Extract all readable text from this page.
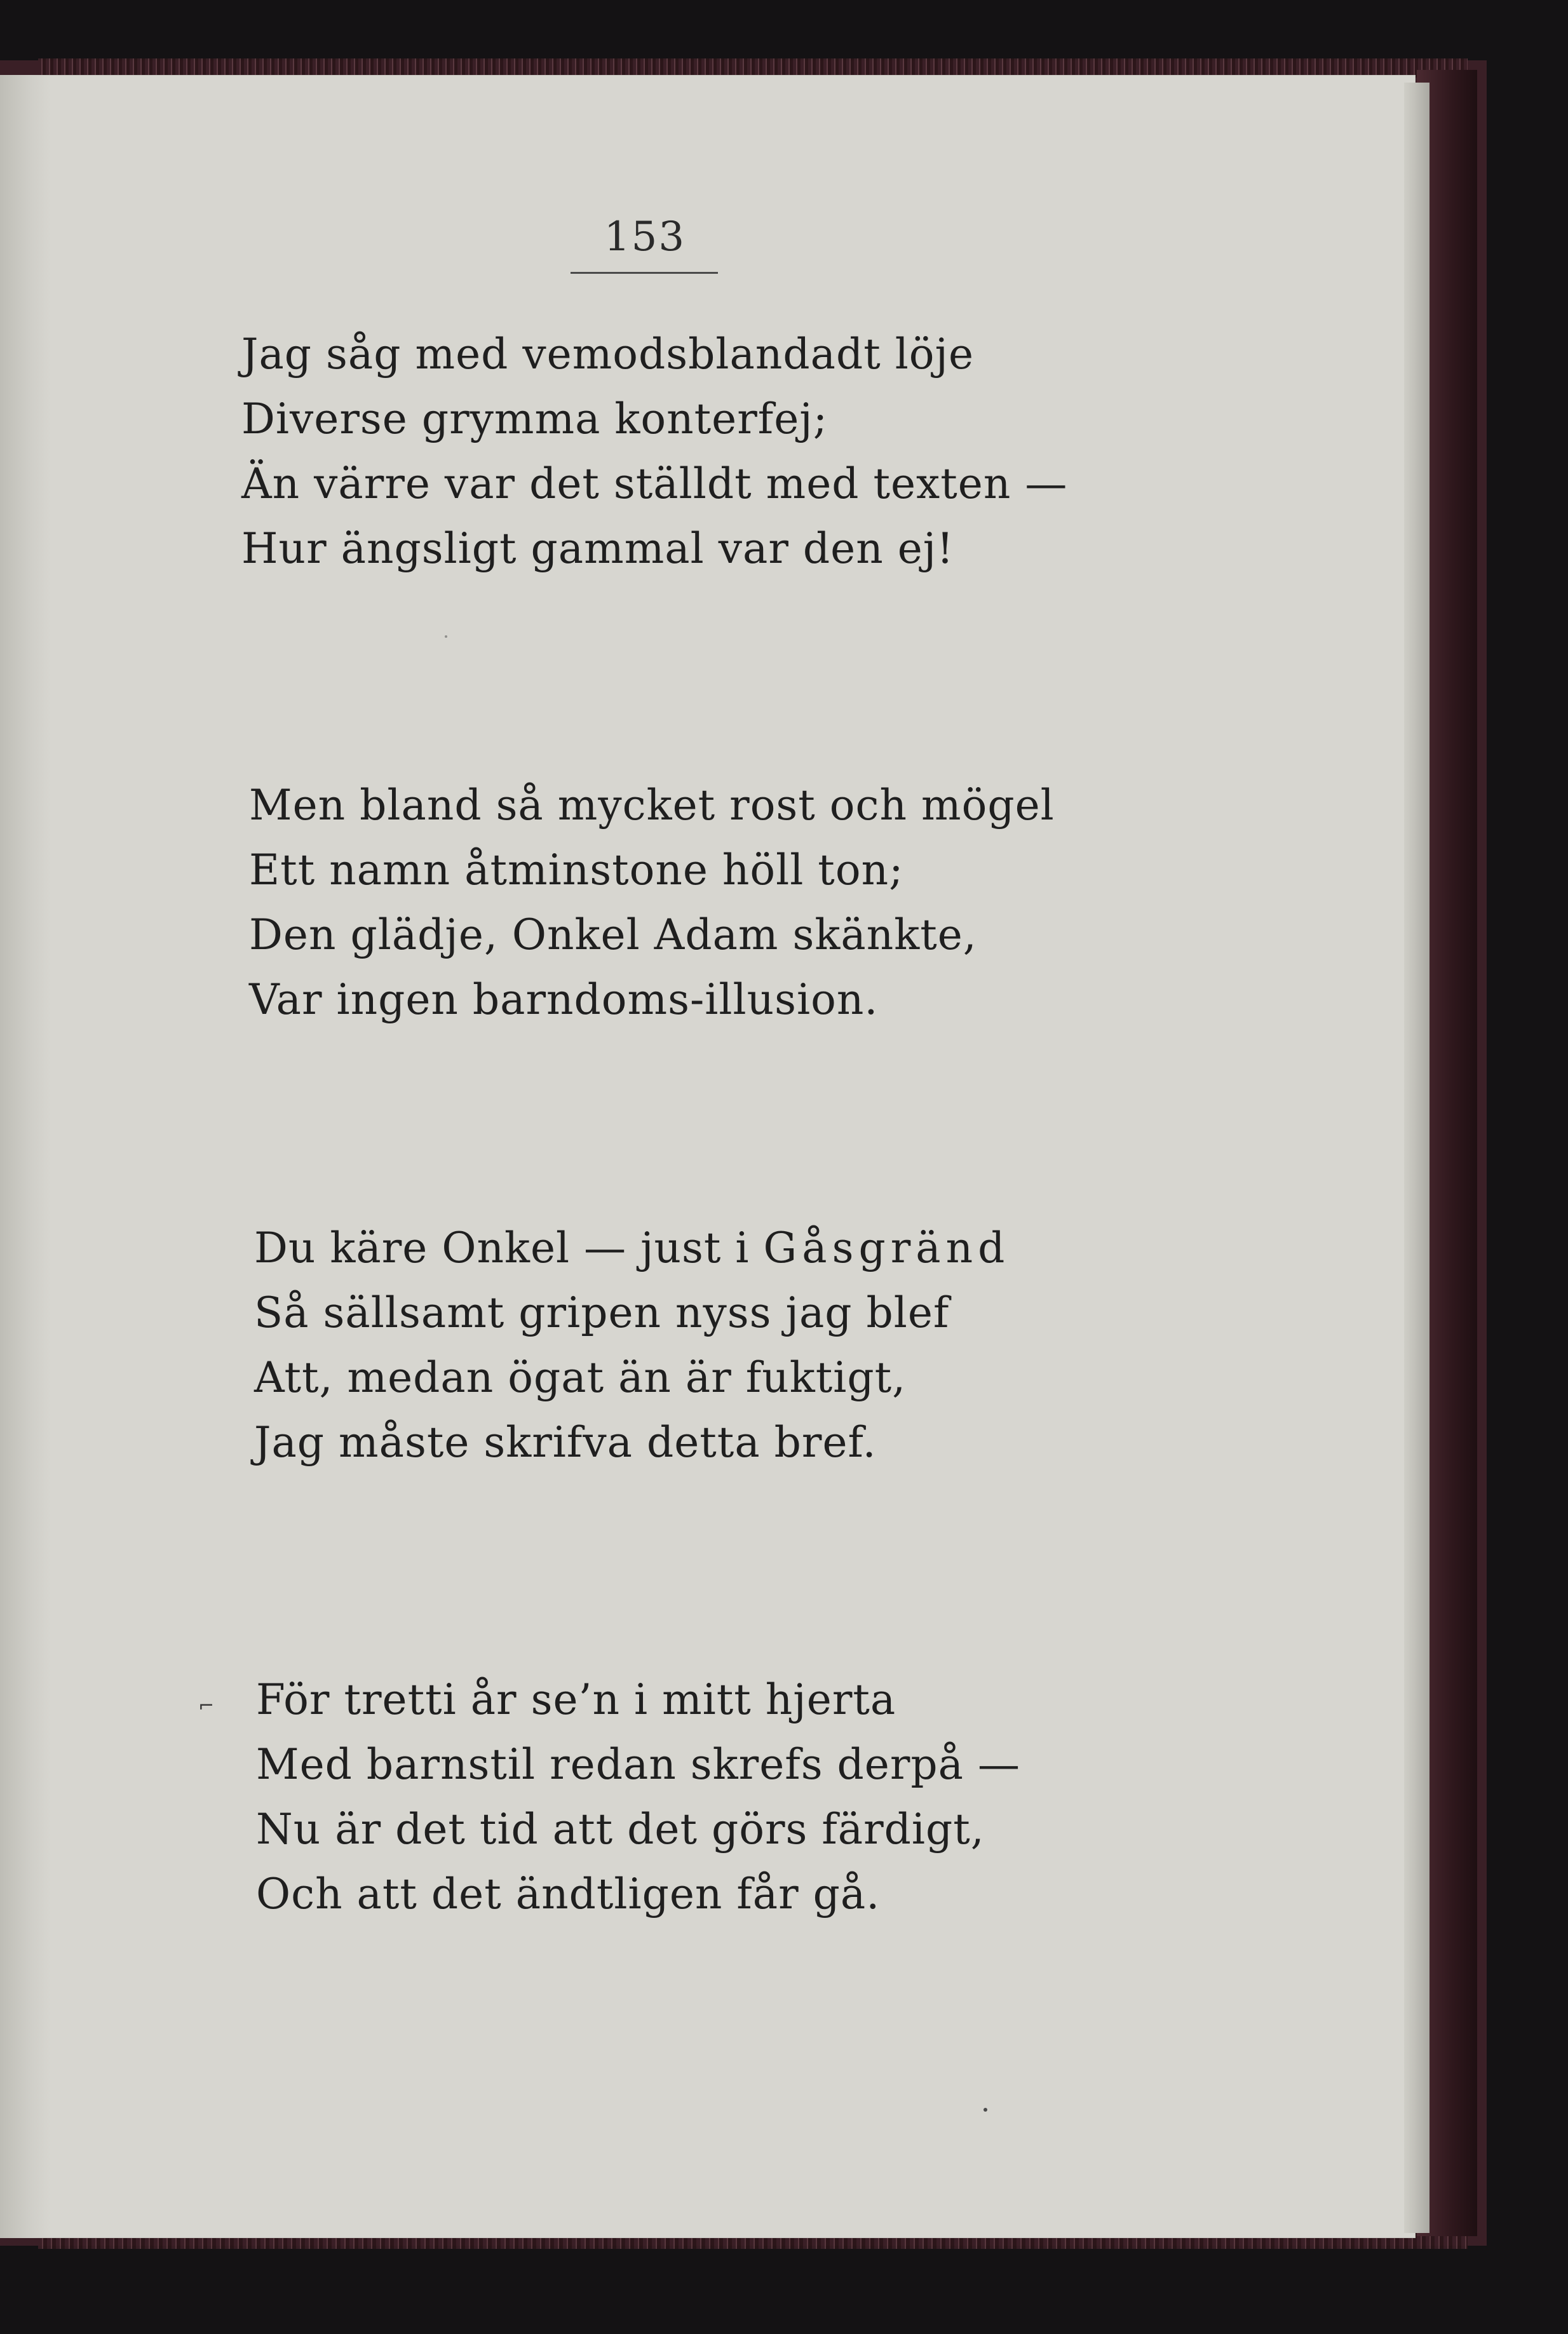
153
Jag såg med vemodsblandadt löje
Diverse grymma konterfej;
Än värre var det ställdt med texten —
Hur ängsligt gammal var den ej!
Men bland så mycket rost och mögel
Ett namn åtminstone höll ton;
Den glädje, Onkel Adam skänkte,
Var ingen barndoms-illusion.
Du käre Onkel — just i Gåsgränd
Så sällsamt gripen nyss jag blef
Att, medan ögat än är fuktigt,
Jag måste skrifva detta bref.
⌐ För tretti år se’n i mitt hjerta
Med barnstil redan skrefs derpå —
Nu är det tid att det görs färdigt,
Och att det ändtligen får gå.
